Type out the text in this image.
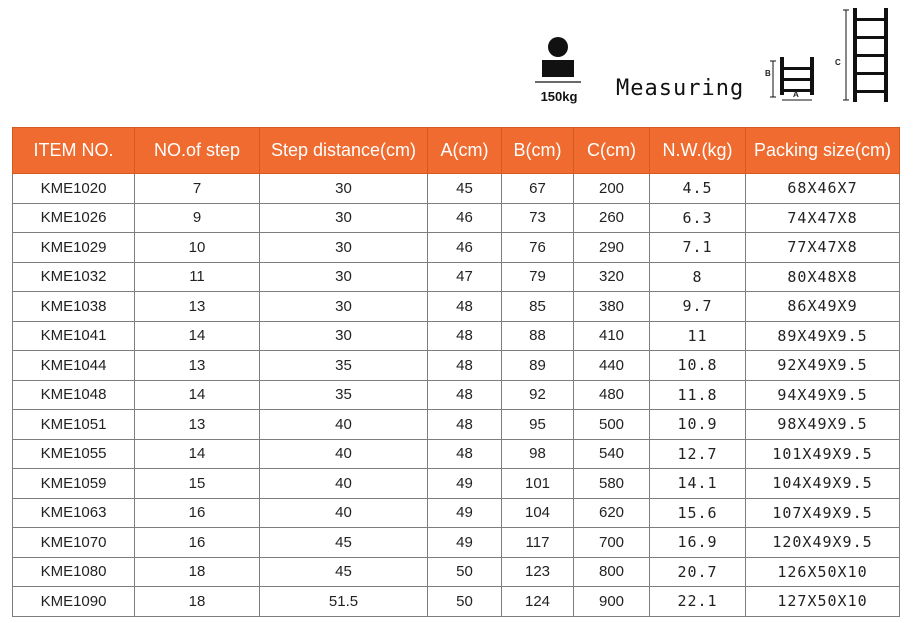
150kg	Measuring
B
A
C
ITEM NO.	NO.of step	Step distance(cm)	A(cm)	B(cm)	C(cm)	N.W.(kg)	Packing size(cm)
KME1020	7	30	45	67	200	4.5	68X46X7
KME1026	9	30	46	73	260	6.3	74X47X8
KME1029	10	30	46	76	290	7.1	77X47X8
KME1032	11	30	47	79	320	8	80X48X8
KME1038	13	30	48	85	380	9.7	86X49X9
KME1041	14	30	48	88	410	11	89X49X9.5
KME1044	13	35	48	89	440	10.8	92X49X9.5
KME1048	14	35	48	92	480	11.8	94X49X9.5
KME1051	13	40	48	95	500	10.9	98X49X9.5
KME1055	14	40	48	98	540	12.7	101X49X9.5
KME1059	15	40	49	101	580	14.1	104X49X9.5
KME1063	16	40	49	104	620	15.6	107X49X9.5
KME1070	16	45	49	117	700	16.9	120X49X9.5
KME1080	18	45	50	123	800	20.7	126X50X10
KME1090	18	51.5	50	124	900	22.1	127X50X10
